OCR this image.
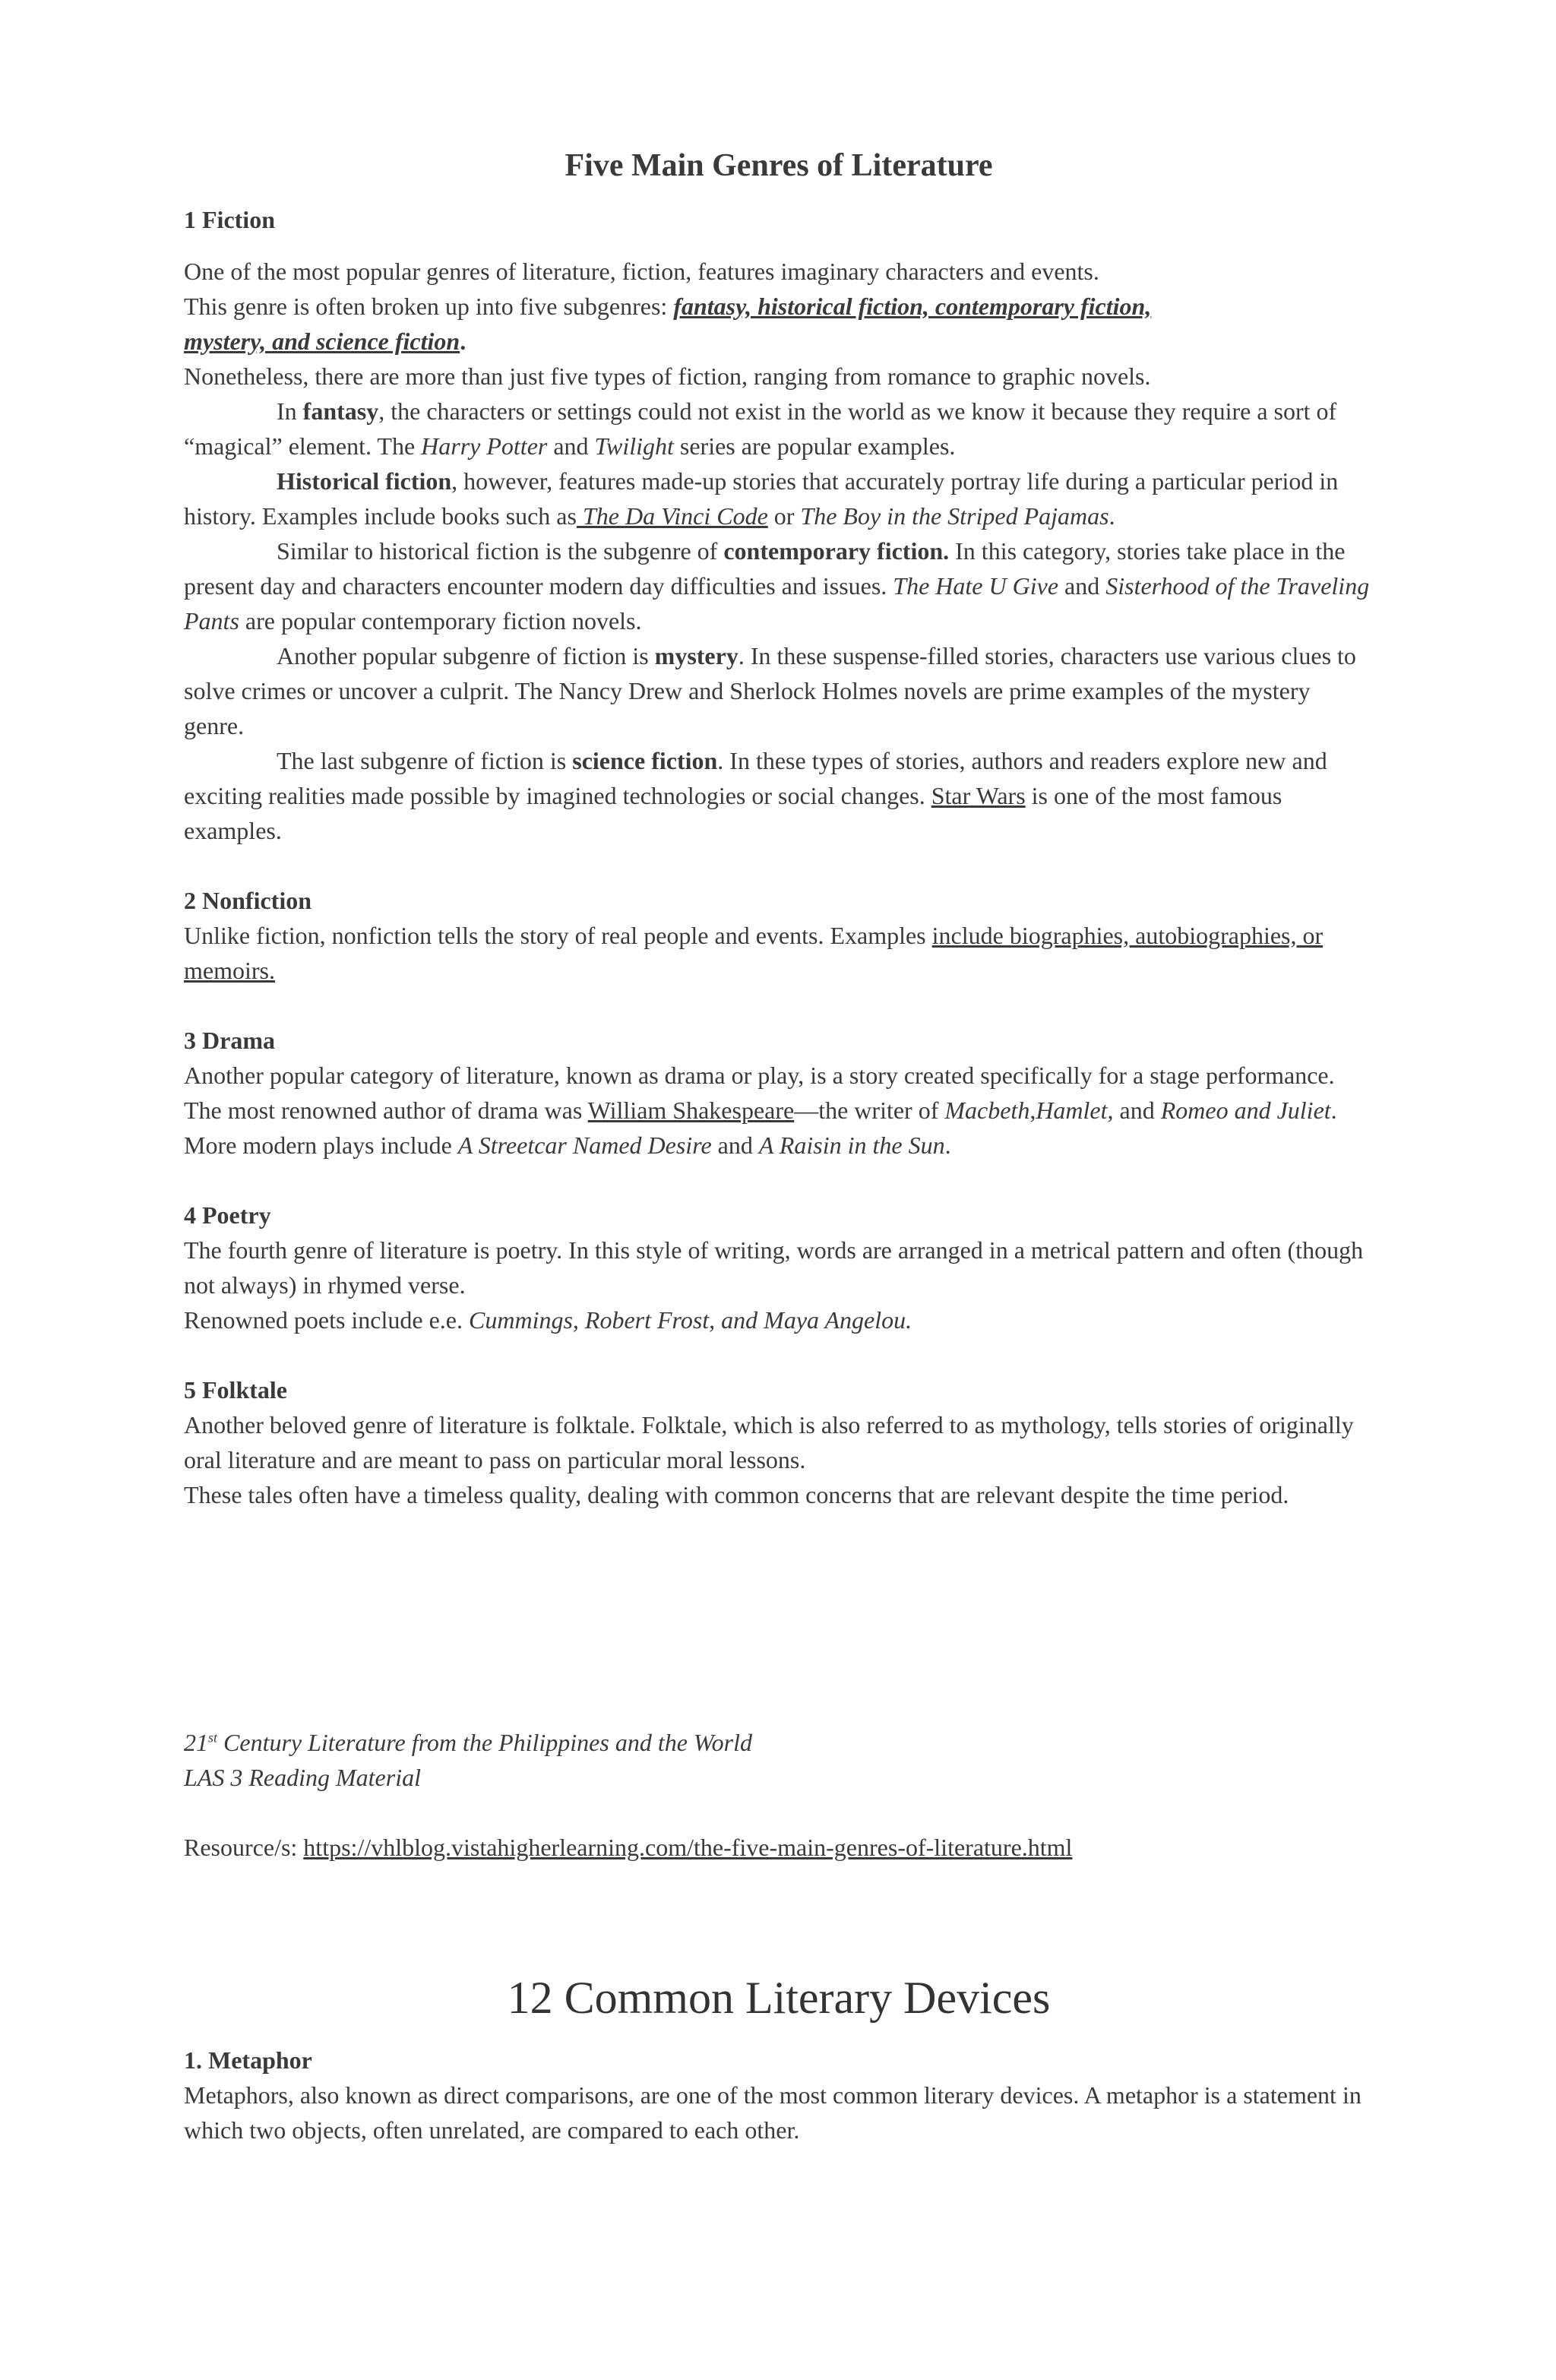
Five Main Genres of Literature
1 Fiction

One of the most popular genres of literature, fiction, features imaginary characters and events.

This genre is often broken up into five subgenres: fantasy, historical fiction, contemporary fiction,

mystery, and science fiction.

Nonetheless, there are more than just five types of fiction, ranging from romance to graphic novels.

In fantasy, the characters or settings could not exist in the world as we know it because they require a sort of “magical” element. The Harry Potter and Twilight series are popular examples.

Historical fiction, however, features made-up stories that accurately portray life during a particular period in history. Examples include books such as The Da Vinci Code or The Boy in the Striped Pajamas.

Similar to historical fiction is the subgenre of contemporary fiction. In this category, stories take place in the present day and characters encounter modern day difficulties and issues. The Hate U Give and Sisterhood of the Traveling Pants are popular contemporary fiction novels.

Another popular subgenre of fiction is mystery. In these suspense-filled stories, characters use various clues to solve crimes or uncover a culprit. The Nancy Drew and Sherlock Holmes novels are prime examples of the mystery genre.

The last subgenre of fiction is science fiction. In these types of stories, authors and readers explore new and exciting realities made possible by imagined technologies or social changes. Star Wars is one of the most famous examples.

2 Nonfiction

Unlike fiction, nonfiction tells the story of real people and events. Examples include biographies, autobiographies, or memoirs.

3 Drama

Another popular category of literature, known as drama or play, is a story created specifically for a stage performance. The most renowned author of drama was William Shakespeare—the writer of Macbeth,Hamlet, and Romeo and Juliet. More modern plays include A Streetcar Named Desire and A Raisin in the Sun.

4 Poetry

The fourth genre of literature is poetry. In this style of writing, words are arranged in a metrical pattern and often (though not always) in rhymed verse.

Renowned poets include e.e. Cummings, Robert Frost, and Maya Angelou.

5 Folktale

Another beloved genre of literature is folktale. Folktale, which is also referred to as mythology, tells stories of originally oral literature and are meant to pass on particular moral lessons.

These tales often have a timeless quality, dealing with common concerns that are relevant despite the time period.

21st Century Literature from the Philippines and the World

LAS 3 Reading Material

Resource/s: https://vhlblog.vistahigherlearning.com/the-five-main-genres-of-literature.html

12 Common Literary Devices
1. Metaphor

Metaphors, also known as direct comparisons, are one of the most common literary devices. A metaphor is a statement in which two objects, often unrelated, are compared to each other.
